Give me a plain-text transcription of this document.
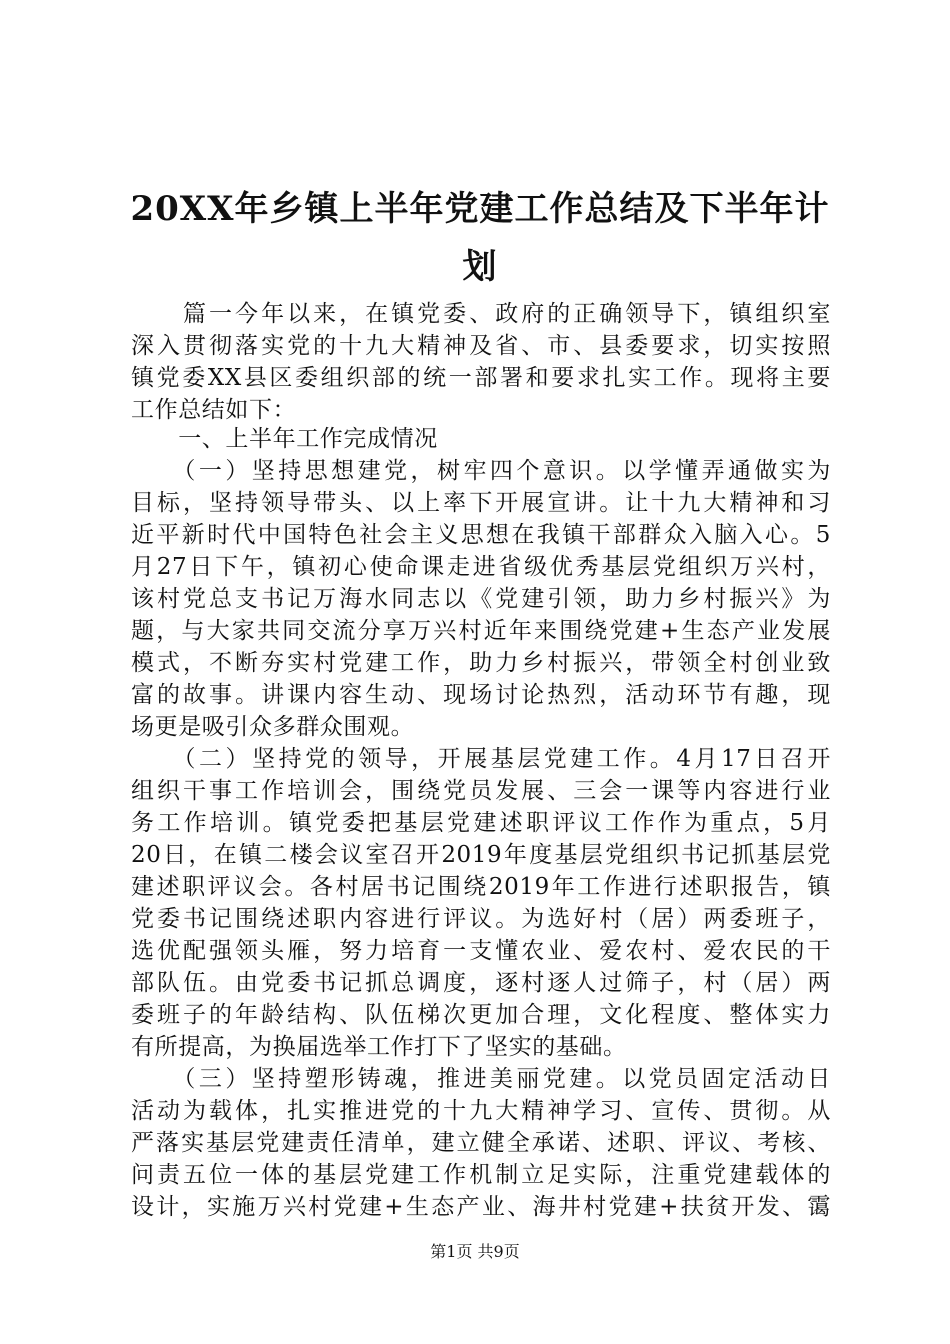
20XX年乡镇上半年党建工作总结及下半年计
划
　　篇一今年以来，在镇党委、政府的正确领导下，镇组织室
深入贯彻落实党的十九大精神及省、市、县委要求，切实按照
镇党委XX县区委组织部的统一部署和要求扎实工作。现将主要
工作总结如下：
　　一、上半年工作完成情况
　　（一）坚持思想建党，树牢四个意识。以学懂弄通做实为
目标，坚持领导带头、以上率下开展宣讲。让十九大精神和习
近平新时代中国特色社会主义思想在我镇干部群众入脑入心。5
月27日下午，镇初心使命课走进省级优秀基层党组织万兴村，
该村党总支书记万海水同志以《党建引领，助力乡村振兴》为
题，与大家共同交流分享万兴村近年来围绕党建+生态产业发展
模式，不断夯实村党建工作，助力乡村振兴，带领全村创业致
富的故事。讲课内容生动、现场讨论热烈，活动环节有趣，现
场更是吸引众多群众围观。
　　（二）坚持党的领导，开展基层党建工作。4月17日召开
组织干事工作培训会，围绕党员发展、三会一课等内容进行业
务工作培训。镇党委把基层党建述职评议工作作为重点，5月
20日，在镇二楼会议室召开2019年度基层党组织书记抓基层党
建述职评议会。各村居书记围绕2019年工作进行述职报告，镇
党委书记围绕述职内容进行评议。为选好村（居）两委班子，
选优配强领头雁，努力培育一支懂农业、爱农村、爱农民的干
部队伍。由党委书记抓总调度，逐村逐人过筛子，村（居）两
委班子的年龄结构、队伍梯次更加合理，文化程度、整体实力
有所提高，为换届选举工作打下了坚实的基础。
　　（三）坚持塑形铸魂，推进美丽党建。以党员固定活动日
活动为载体，扎实推进党的十九大精神学习、宣传、贯彻。从
严落实基层党建责任清单，建立健全承诺、述职、评议、考核、
问责五位一体的基层党建工作机制立足实际，注重党建载体的
设计，实施万兴村党建+生态产业、海井村党建+扶贫开发、霭
第1页 共9页
